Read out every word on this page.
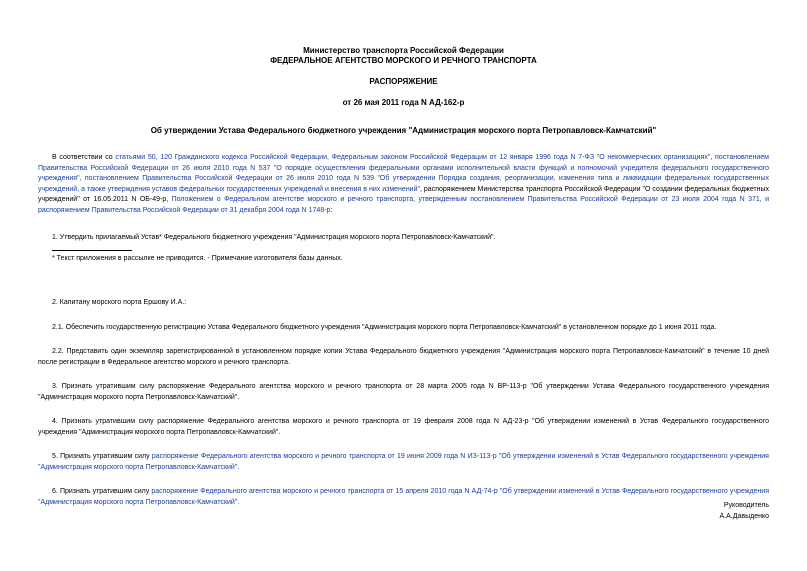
Министерство транспорта Российской Федерации
ФЕДЕРАЛЬНОЕ АГЕНТСТВО МОРСКОГО И РЕЧНОГО ТРАНСПОРТА
РАСПОРЯЖЕНИЕ
от 26 мая 2011 года N АД-162-р
Об утверждении Устава Федерального бюджетного учреждения "Администрация морского порта Петропавловск-Камчатский"

В соответствии со статьями 50, 120 Гражданского кодекса Российской Федерации, Федеральным законом Российской Федерации от 12 января 1996 года N 7-ФЗ "О некоммерческих организациях", постановлением Правительства Российской Федерации от 26 июля 2010 года N 537 "О порядке осуществления федеральными органами исполнительной власти функций и полномочий учредителя федерального государственного учреждения", постановлением Правительства Российской Федерации от 26 июля 2010 года N 539 "Об утверждении Порядка создания, реорганизации, изменения типа и ликвидации федеральных государственных учреждений, а также утверждения уставов федеральных государственных учреждений и внесения в них изменений", распоряжением Министерства транспорта Российской Федерации "О создании федеральных бюджетных учреждений" от 16.05.2011 N ОБ-49-р, Положением о Федеральном агентстве морского и речного транспорта, утвержденным постановлением Правительства Российской Федерации от 23 июля 2004 года N 371, и распоряжением Правительства Российской Федерации от 31 декабря 2004 года N 1748-р:

1. Утвердить прилагаемый Устав* Федерального бюджетного учреждения "Администрация морского порта Петропавловск-Камчатский".

* Текст приложения в рассылке не приводится. - Примечание изготовителя базы данных.

2. Капитану морского порта Ершову И.А.:

2.1. Обеспечить государственную регистрацию Устава Федерального бюджетного учреждения "Администрация морского порта Петропавловск-Камчатский" в установленном порядке до 1 июня 2011 года.

2.2. Представить один экземпляр зарегистрированной в установленном порядке копии Устава Федерального бюджетного учреждения "Администрация морского порта Петропавловск-Камчатский" в течение 10 дней после регистрации в Федеральное агентство морского и речного транспорта.

3. Признать утратившим силу распоряжение Федерального агентства морского и речного транспорта от 28 марта 2005 года N ВР-113-р "Об утверждении Устава Федерального государственного учреждения "Администрация морского порта Петропавловск-Камчатский".

4. Признать утратившим силу распоряжение Федерального агентства морского и речного транспорта от 19 февраля 2008 года N АД-23-р "Об утверждении изменений в Устав Федерального государственного учреждения "Администрация морского порта Петропавловск-Камчатский".

5. Признать утратившим силу распоряжение Федерального агентства морского и речного транспорта от 19 июня 2009 года N ИЗ-113-р "Об утверждении изменений в Устав Федерального государственного учреждения "Администрация морского порта Петропавловск-Камчатский".

6. Признать утратившим силу распоряжение Федерального агентства морского и речного транспорта от 15 апреля 2010 года N АД-74-р "Об утверждении изменений в Устав Федерального государственного учреждения "Администрация морского порта Петропавловск-Камчатский".	Руководитель
А.А.Давыденко
